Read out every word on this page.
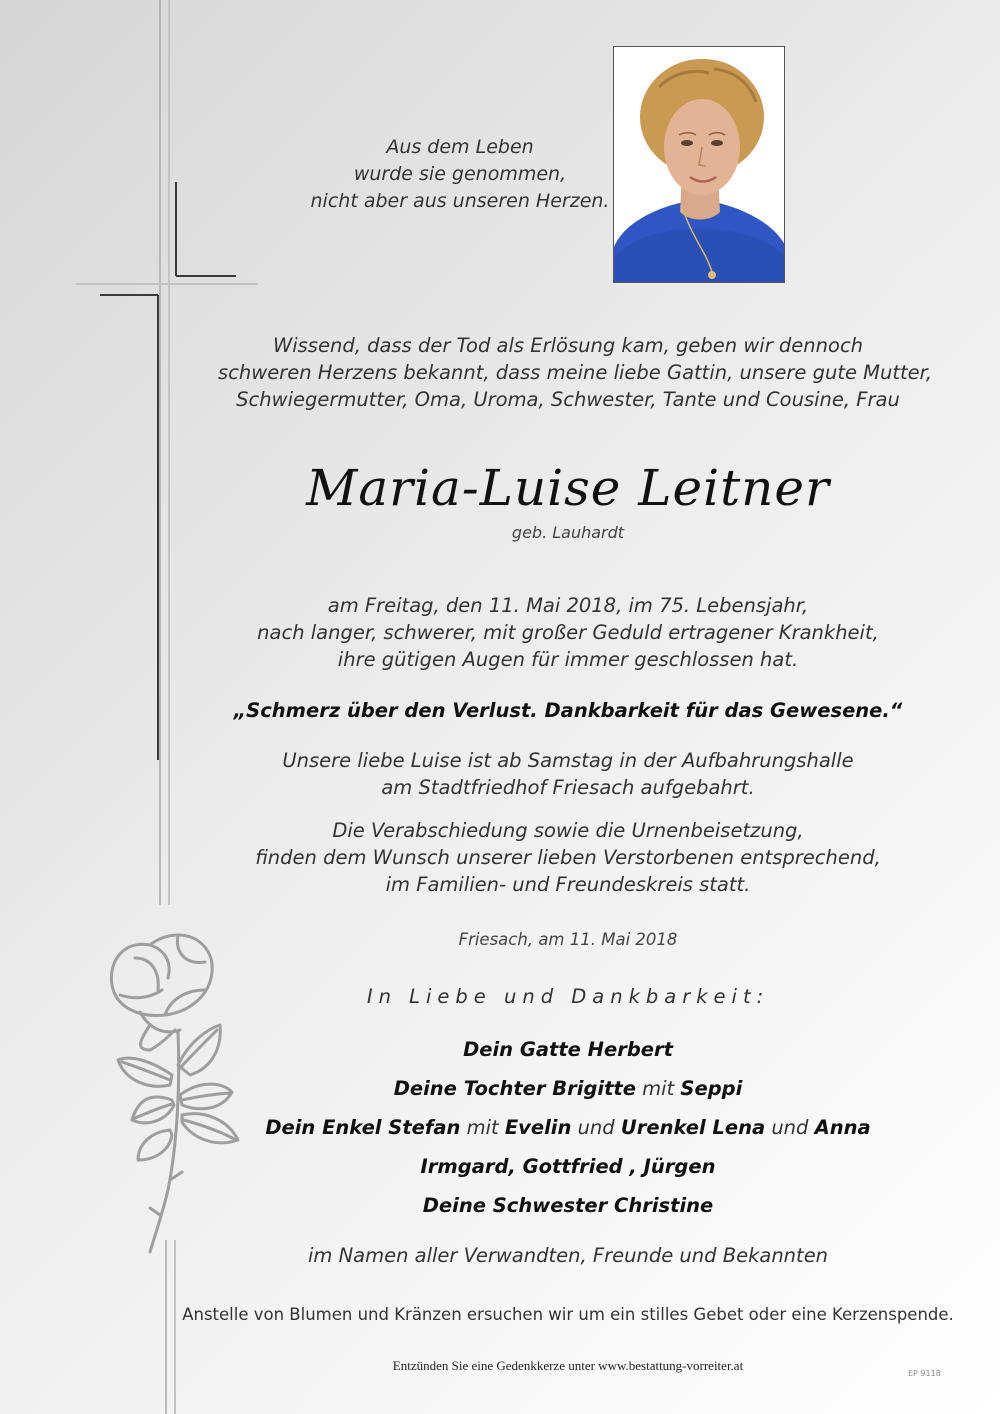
Aus dem Leben
wurde sie genommen,
nicht aber aus unseren Herzen.
Wissend, dass der Tod als Erlösung kam, geben wir dennoch
schweren Herzens bekannt, dass meine liebe Gattin, unsere gute Mutter,
Schwiegermutter, Oma, Uroma, Schwester, Tante und Cousine, Frau
Maria-Luise Leitner
geb. Lauhardt
am Freitag, den 11. Mai 2018, im 75. Lebensjahr,
nach langer, schwerer, mit großer Geduld ertragener Krankheit,
ihre gütigen Augen für immer geschlossen hat.
„Schmerz über den Verlust. Dankbarkeit für das Gewesene.“
Unsere liebe Luise ist ab Samstag in der Aufbahrungshalle
am Stadtfriedhof Friesach aufgebahrt.
Die Verabschiedung sowie die Urnenbeisetzung,
finden dem Wunsch unserer lieben Verstorbenen entsprechend,
im Familien- und Freundeskreis statt.
Friesach, am 11. Mai 2018
In Liebe und Dankbarkeit:
Dein Gatte Herbert
Deine Tochter Brigitte mit Seppi
Dein Enkel Stefan mit Evelin und Urenkel Lena und Anna
Irmgard, Gottfried , Jürgen
Deine Schwester Christine
im Namen aller Verwandten, Freunde und Bekannten
Anstelle von Blumen und Kränzen ersuchen wir um ein stilles Gebet oder eine Kerzenspende.
Entzünden Sie eine Gedenkkerze unter www.bestattung-vorreiter.at
EP 9118
